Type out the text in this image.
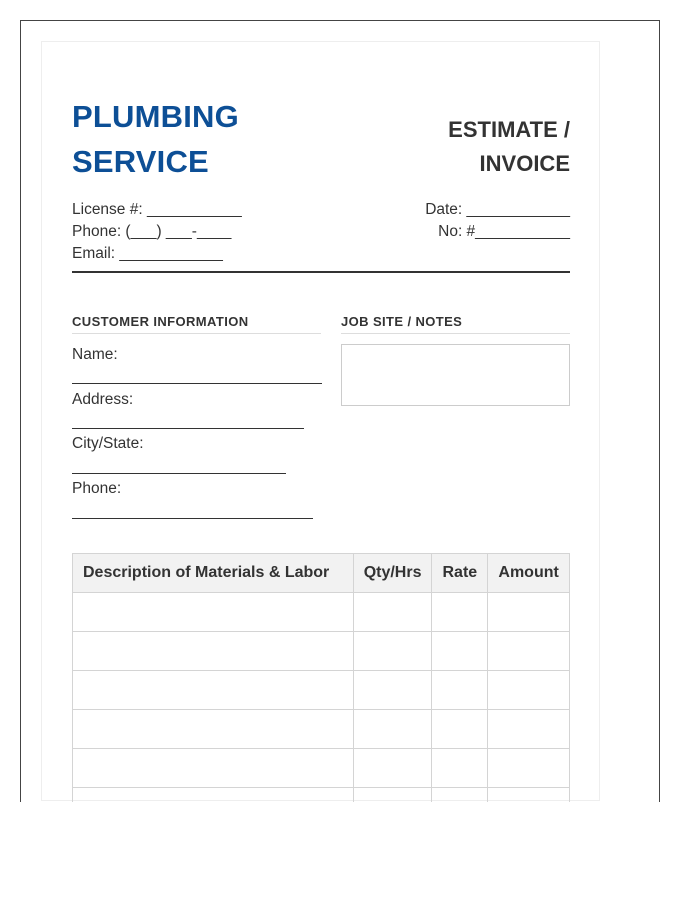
PLUMBING
SERVICE
ESTIMATE /
INVOICE
License #: ___________
Phone: (___) ___-____
Email: ____________
Date: ____________
No: #___________
CUSTOMER INFORMATION	JOB SITE / NOTES
Name:
Address:
City/State:
Phone:
Description of Materials & Labor	Qty/Hrs	Rate	Amount
